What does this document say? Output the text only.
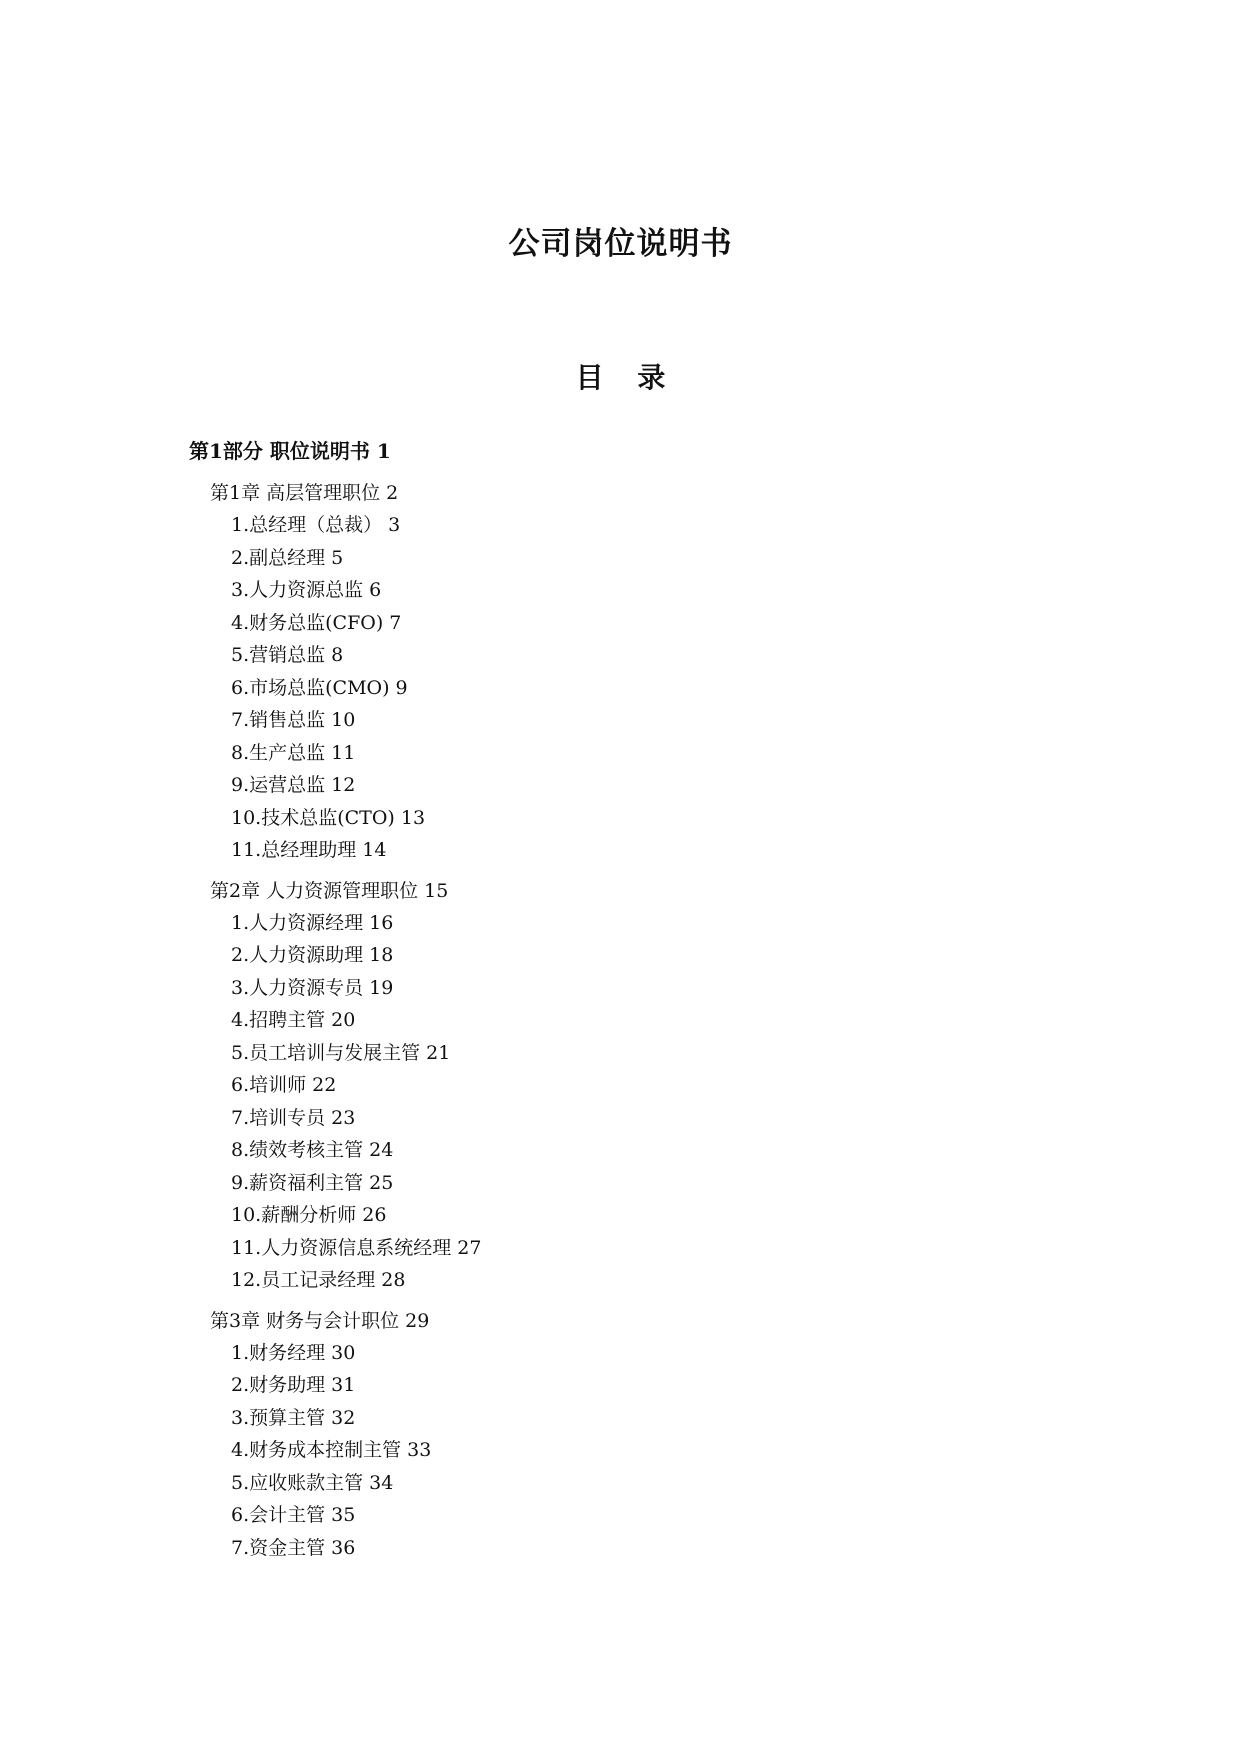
公司岗位说明书
目 录
第1部分 职位说明书 1
第1章 高层管理职位 2
1.总经理（总裁） 3
2.副总经理 5
3.人力资源总监 6
4.财务总监(CFO) 7
5.营销总监 8
6.市场总监(CMO) 9
7.销售总监 10
8.生产总监 11
9.运营总监 12
10.技术总监(CTO) 13
11.总经理助理 14
第2章 人力资源管理职位 15
1.人力资源经理 16
2.人力资源助理 18
3.人力资源专员 19
4.招聘主管 20
5.员工培训与发展主管 21
6.培训师 22
7.培训专员 23
8.绩效考核主管 24
9.薪资福利主管 25
10.薪酬分析师 26
11.人力资源信息系统经理 27
12.员工记录经理 28
第3章 财务与会计职位 29
1.财务经理 30
2.财务助理 31
3.预算主管 32
4.财务成本控制主管 33
5.应收账款主管 34
6.会计主管 35
7.资金主管 36
